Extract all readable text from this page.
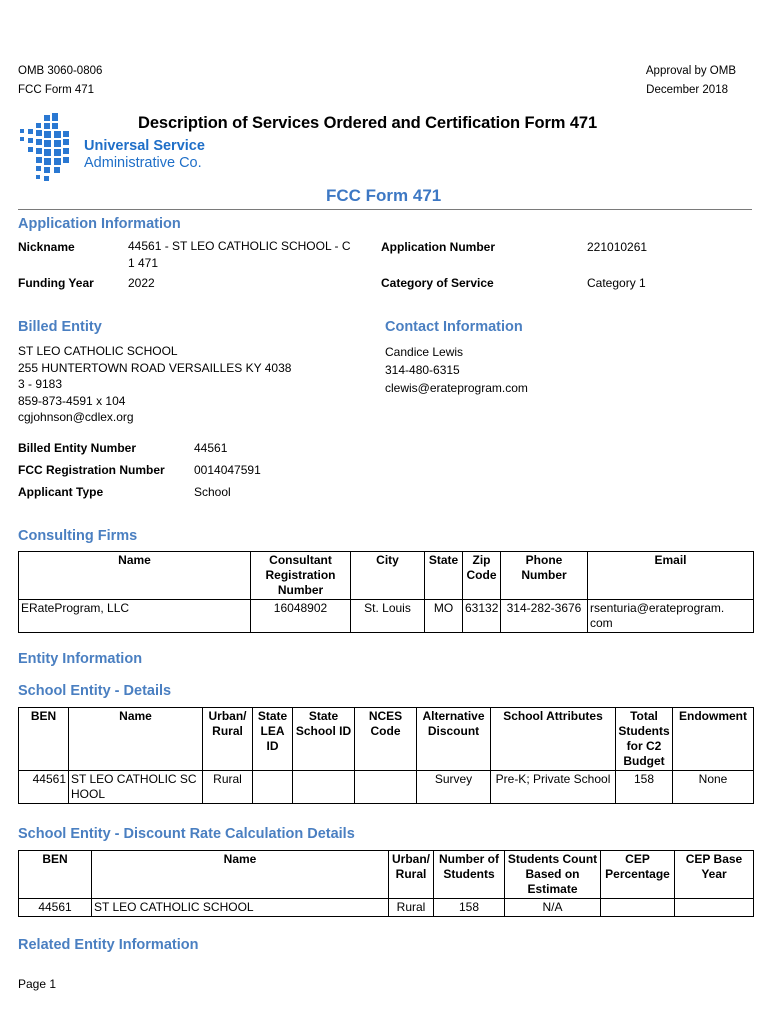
OMB 3060-0806
FCC Form 471
Approval by OMB
December 2018
Universal Service
Administrative Co.
Description of Services Ordered and Certification Form 471
FCC Form 471
Application Information
Nickname	44561 - ST LEO CATHOLIC SCHOOL - C
1 471
Application Number	221010261
Funding Year	2022	Category of Service	Category 1
Billed Entity
ST LEO CATHOLIC SCHOOL
255 HUNTERTOWN ROAD VERSAILLES KY 4038
3 - 9183
859-873-4591 x 104
cgjohnson@cdlex.org
Contact Information
Candice Lewis
314-480-6315
clewis@erateprogram.com
Billed Entity Number	44561
FCC Registration Number 0014047591
Applicant Type	School
Consulting Firms
Name	Consultant Registration Number	City	State	Zip Code	Phone Number	Email
ERateProgram, LLC	16048902	St. Louis	MO	63132	314-282-3676	rsenturia@erateprogram.
com
Entity Information
School Entity - Details
BEN	Name	Urban/ Rural	State LEA ID	State School ID	NCES Code	Alternative Discount	School Attributes	Total Students for C2 Budget	Endowment
44561	ST LEO CATHOLIC SC
HOOL	Rural				Survey	Pre-K; Private School	158	None
School Entity - Discount Rate Calculation Details
BEN	Name	Urban/ Rural	Number of Students	Students Count Based on Estimate	CEP Percentage	CEP Base Year
44561	ST LEO CATHOLIC SCHOOL	Rural	158	N/A		
Related Entity Information
Page 1
